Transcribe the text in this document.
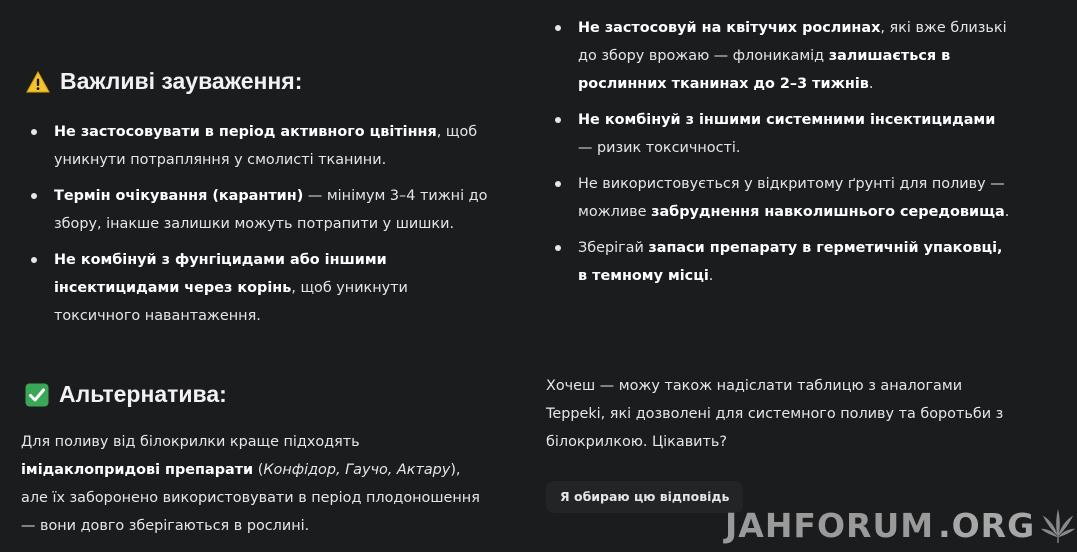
Важливі зауваження:
Не застосовувати в період активного цвітіння, щоб уникнути потрапляння у смолисті тканини.
Термін очікування (карантин) — мінімум 3–4 тижні до збору, інакше залишки можуть потрапити у шишки.
Не комбінуй з фунгіцидами або іншими інсектицидами через корінь, щоб уникнути токсичного навантаження.
Не застосовуй на квітучих рослинах, які вже близькі до збору врожаю — флоникамід залишається в рослинних тканинах до 2–3 тижнів.
Не комбінуй з іншими системними інсектицидами — ризик токсичності.
Не використовується у відкритому ґрунті для поливу — можливе забруднення навколишнього середовища.
Зберігай запаси препарату в герметичній упаковці, в темному місці.
Альтернатива:

Для поливу від білокрилки краще підходять імідаклопридові препарати (Конфідор, Гаучо, Актару), але їх заборонено використовувати в період плодоношення — вони довго зберігаються в рослині.

Хочеш — можу також надіслати таблицю з аналогами Teppeki, які дозволені для системного поливу та боротьби з білокрилкою. Цікавить?

Я обираю цю відповідь
JAHFORUM .ORG
